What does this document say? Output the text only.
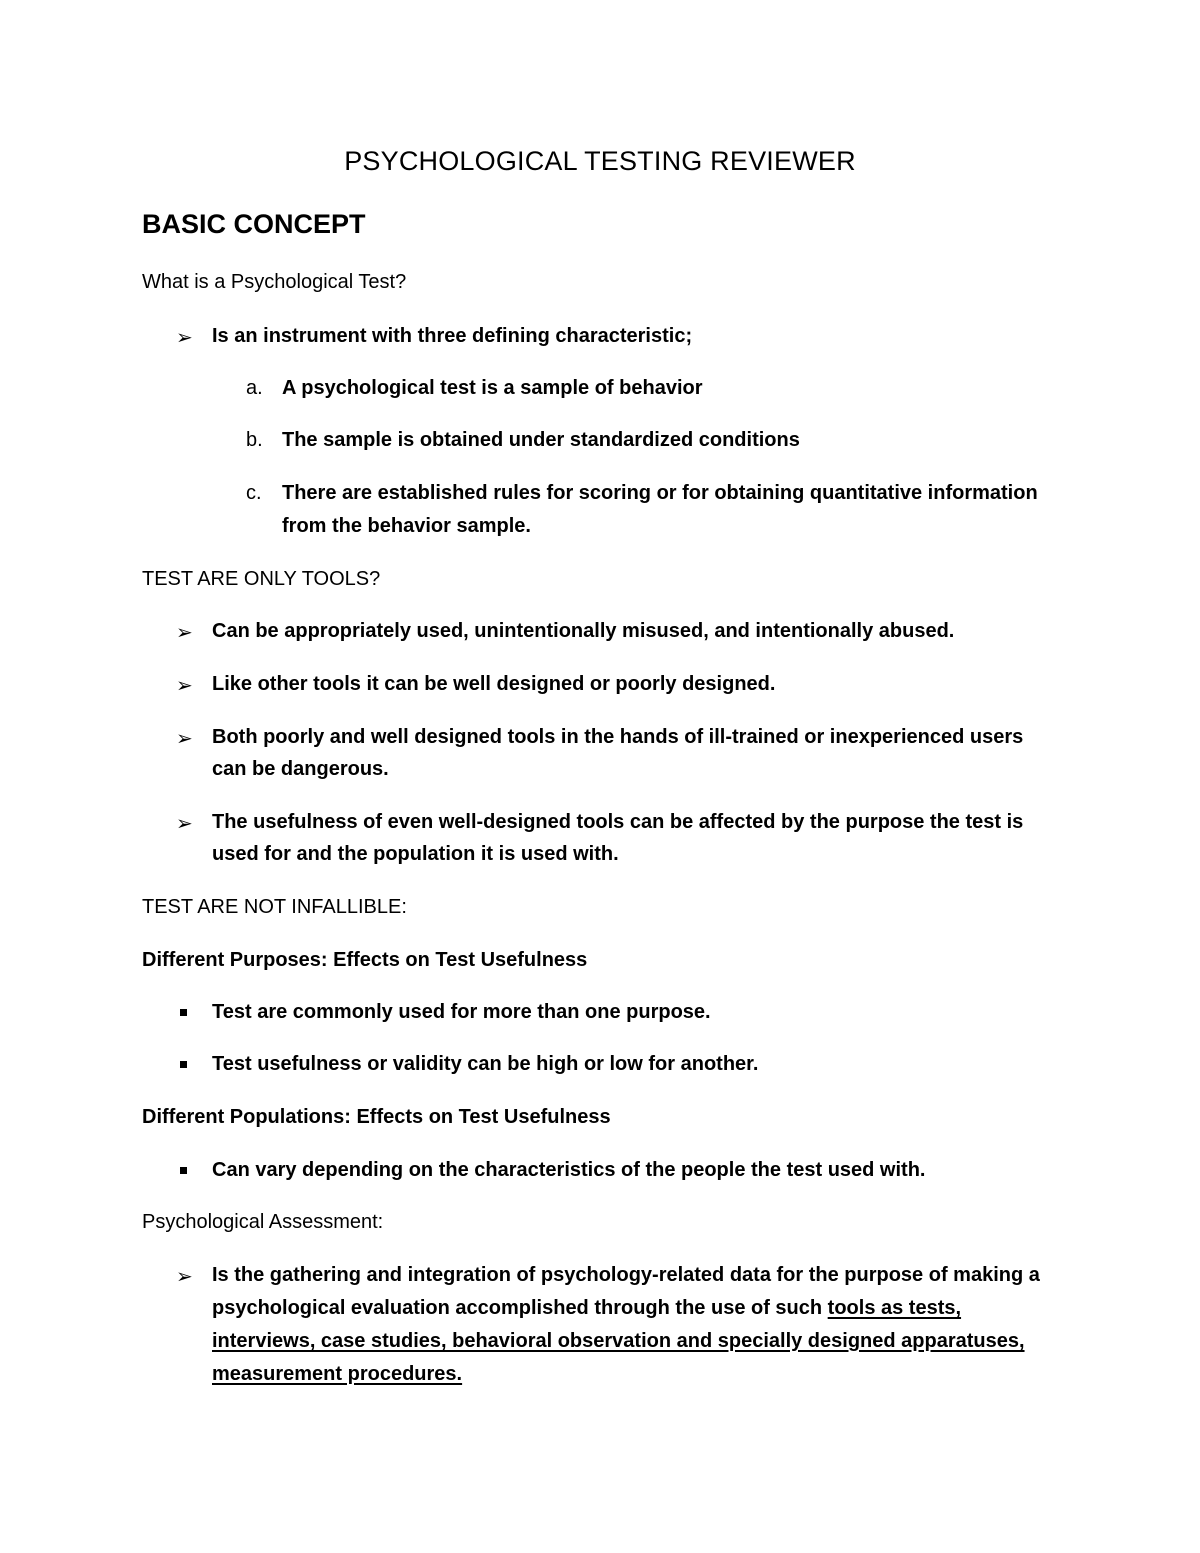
PSYCHOLOGICAL TESTING REVIEWER
BASIC CONCEPT
What is a Psychological Test?
➢ Is an instrument with three defining characteristic;
a. A psychological test is a sample of behavior
b. The sample is obtained under standardized conditions
c. There are established rules for scoring or for obtaining quantitative information
from the behavior sample.
TEST ARE ONLY TOOLS?
➢ Can be appropriately used, unintentionally misused, and intentionally abused.
➢ Like other tools it can be well designed or poorly designed.
➢ Both poorly and well designed tools in the hands of ill-trained or inexperienced users
can be dangerous.
➢ The usefulness of even well-designed tools can be affected by the purpose the test is
used for and the population it is used with.
TEST ARE NOT INFALLIBLE:
Different Purposes: Effects on Test Usefulness
Test are commonly used for more than one purpose.
Test usefulness or validity can be high or low for another.
Different Populations: Effects on Test Usefulness
Can vary depending on the characteristics of the people the test used with.
Psychological Assessment:
➢ Is the gathering and integration of psychology-related data for the purpose of making a
psychological evaluation accomplished through the use of such tools as tests,
interviews, case studies, behavioral observation and specially designed apparatuses,
measurement procedures.
